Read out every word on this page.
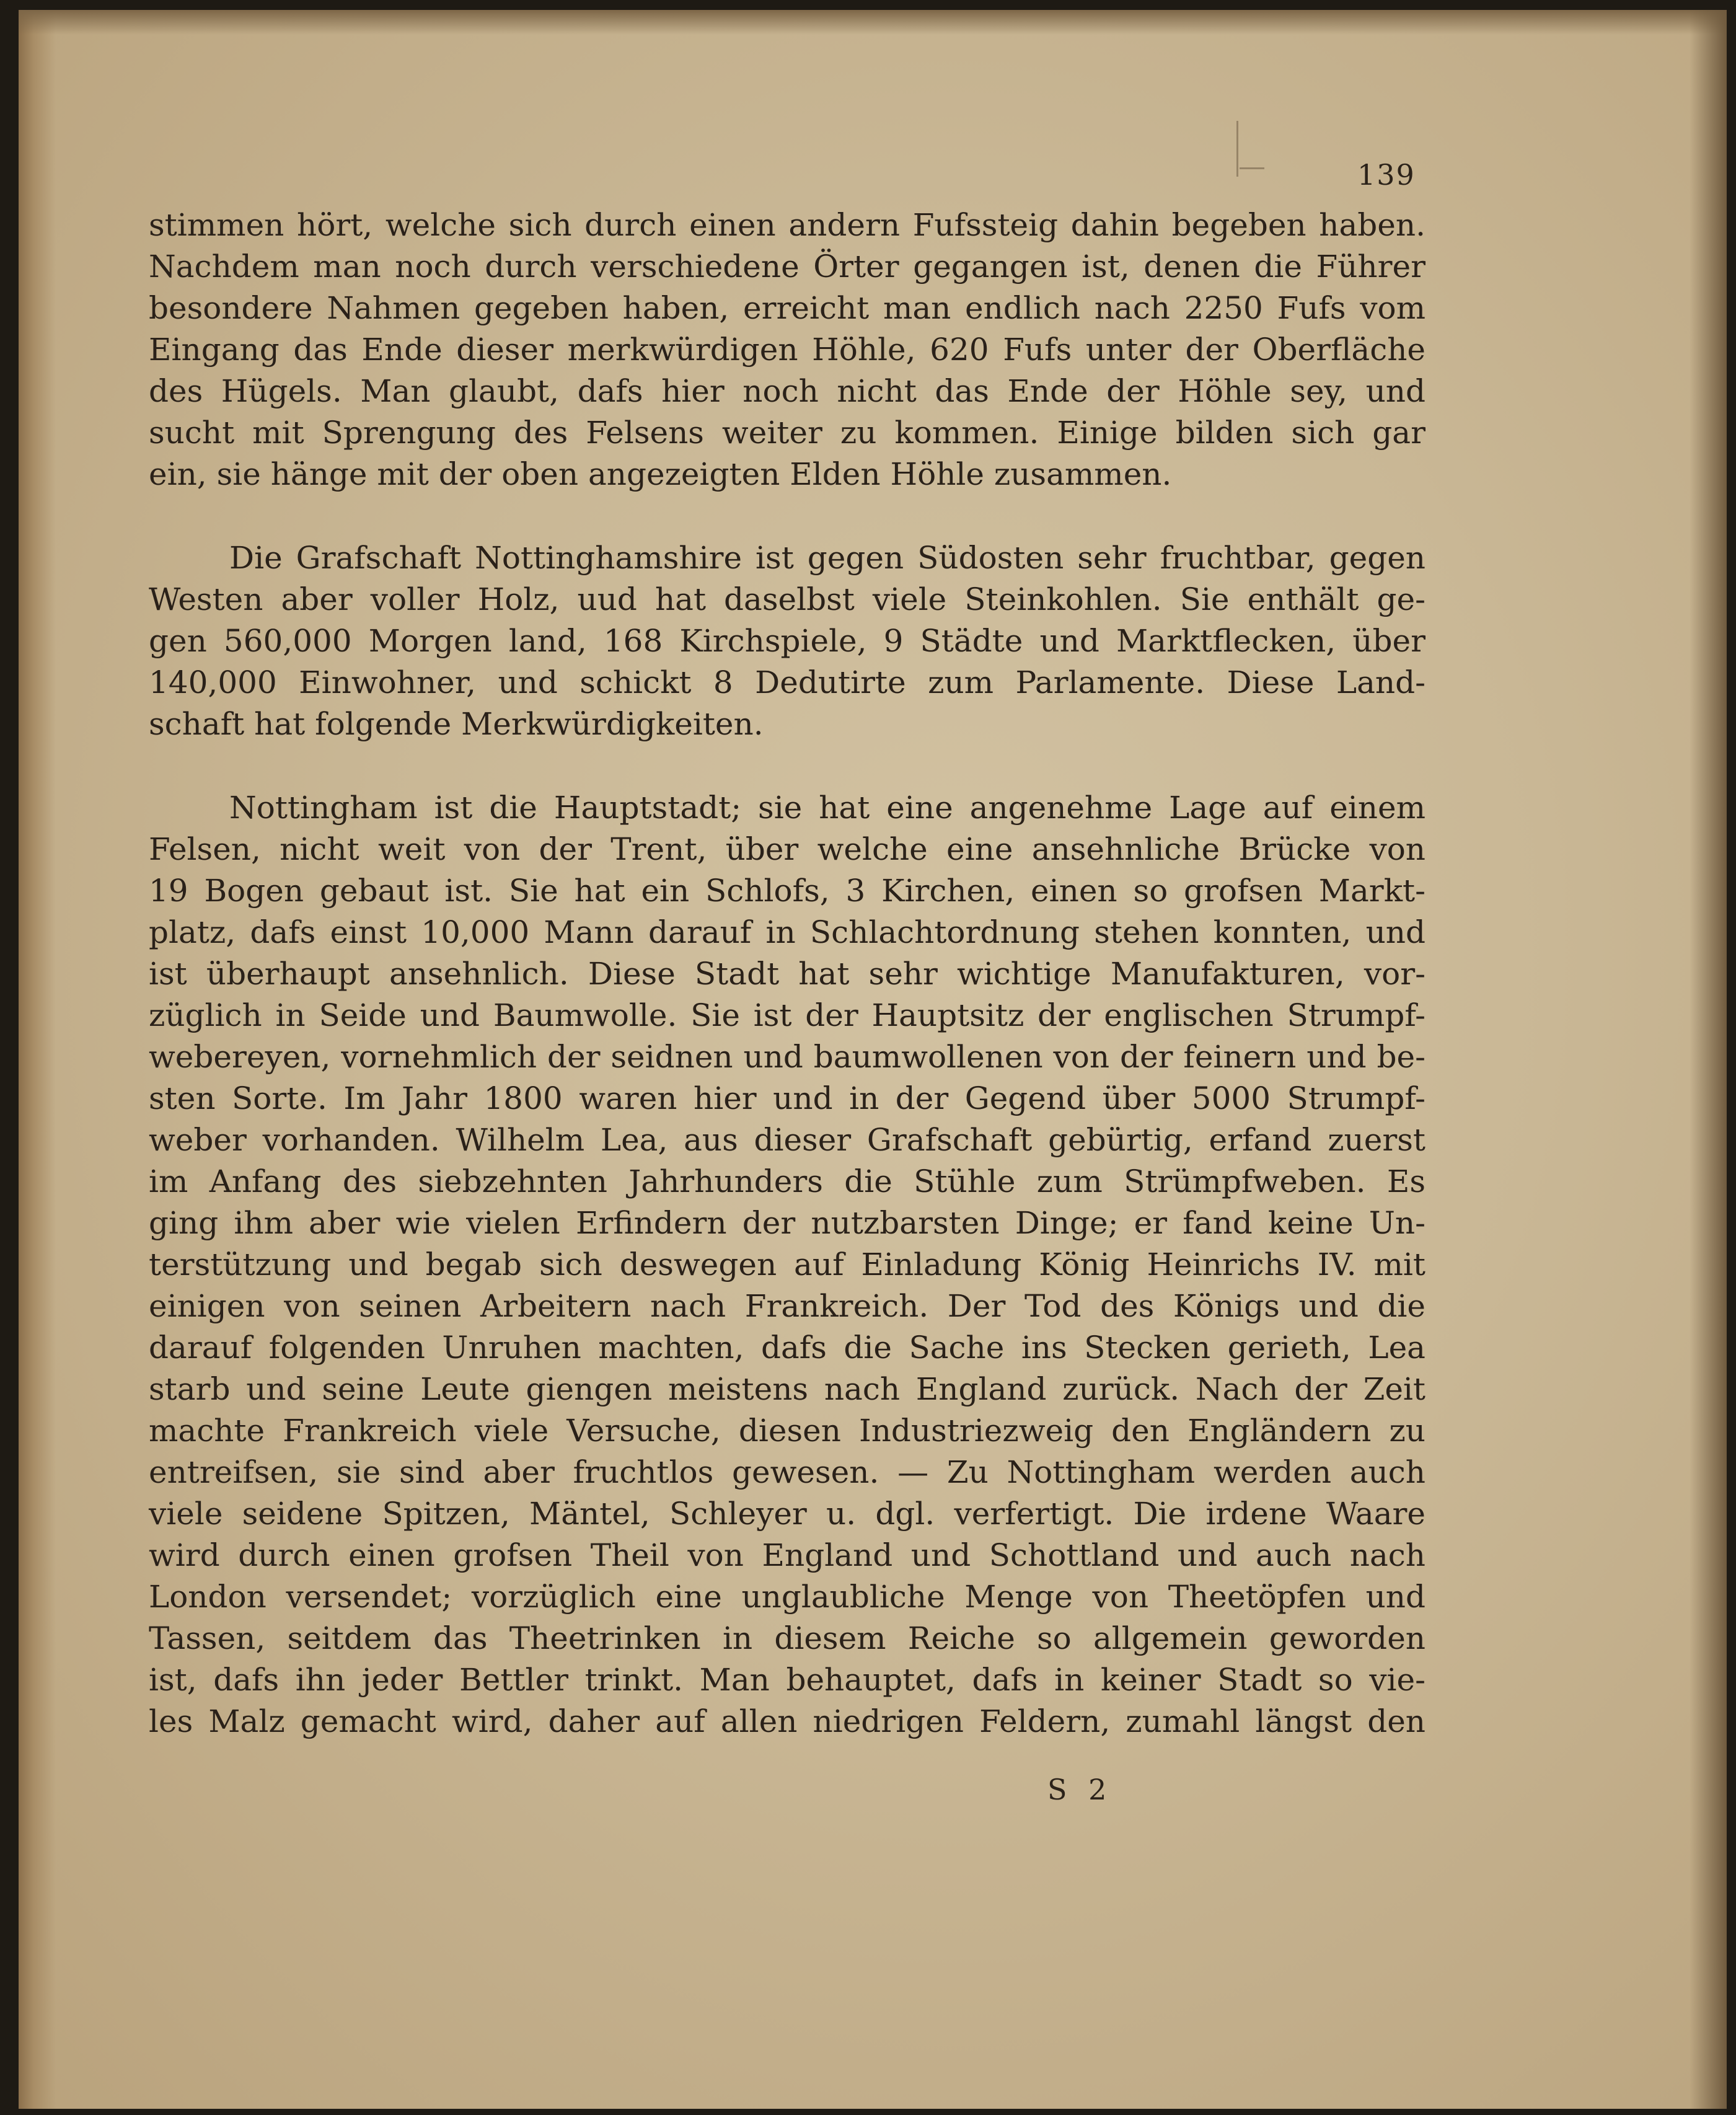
139

stimmen hört, welche sich durch einen andern Fufssteig dahin begeben haben.
Nachdem man noch durch verschiedene Örter gegangen ist, denen die Führer
besondere Nahmen gegeben haben, erreicht man endlich nach 2250 Fufs vom
Eingang das Ende dieser merkwürdigen Höhle, 620 Fufs unter der Oberfläche
des Hügels. Man glaubt, dafs hier noch nicht das Ende der Höhle sey, und
sucht mit Sprengung des Felsens weiter zu kommen. Einige bilden sich gar
ein, sie hänge mit der oben angezeigten Elden Höhle zusammen.

Die Grafschaft Nottinghamshire ist gegen Südosten sehr fruchtbar, gegen
Westen aber voller Holz, uud hat daselbst viele Steinkohlen. Sie enthält ge-
gen 560,000 Morgen land, 168 Kirchspiele, 9 Städte und Marktflecken, über
140,000 Einwohner, und schickt 8 Dedutirte zum Parlamente. Diese Land-
schaft hat folgende Merkwürdigkeiten.

Nottingham ist die Hauptstadt; sie hat eine angenehme Lage auf einem
Felsen, nicht weit von der Trent, über welche eine ansehnliche Brücke von
19 Bogen gebaut ist. Sie hat ein Schlofs, 3 Kirchen, einen so grofsen Markt-
platz, dafs einst 10,000 Mann darauf in Schlachtordnung stehen konnten, und
ist überhaupt ansehnlich. Diese Stadt hat sehr wichtige Manufakturen, vor-
züglich in Seide und Baumwolle. Sie ist der Hauptsitz der englischen Strumpf-
webereyen, vornehmlich der seidnen und baumwollenen von der feinern und be-
sten Sorte. Im Jahr 1800 waren hier und in der Gegend über 5000 Strumpf-
weber vorhanden. Wilhelm Lea, aus dieser Grafschaft gebürtig, erfand zuerst
im Anfang des siebzehnten Jahrhunders die Stühle zum Strümpfweben. Es
ging ihm aber wie vielen Erfindern der nutzbarsten Dinge; er fand keine Un-
terstützung und begab sich deswegen auf Einladung König Heinrichs IV. mit
einigen von seinen Arbeitern nach Frankreich. Der Tod des Königs und die
darauf folgenden Unruhen machten, dafs die Sache ins Stecken gerieth, Lea
starb und seine Leute giengen meistens nach England zurück. Nach der Zeit
machte Frankreich viele Versuche, diesen Industriezweig den Engländern zu
entreifsen, sie sind aber fruchtlos gewesen. — Zu Nottingham werden auch
viele seidene Spitzen, Mäntel, Schleyer u. dgl. verfertigt. Die irdene Waare
wird durch einen grofsen Theil von England und Schottland und auch nach
London versendet; vorzüglich eine unglaubliche Menge von Theetöpfen und
Tassen, seitdem das Theetrinken in diesem Reiche so allgemein geworden
ist, dafs ihn jeder Bettler trinkt. Man behauptet, dafs in keiner Stadt so vie-
les Malz gemacht wird, daher auf allen niedrigen Feldern, zumahl längst den

S 2
